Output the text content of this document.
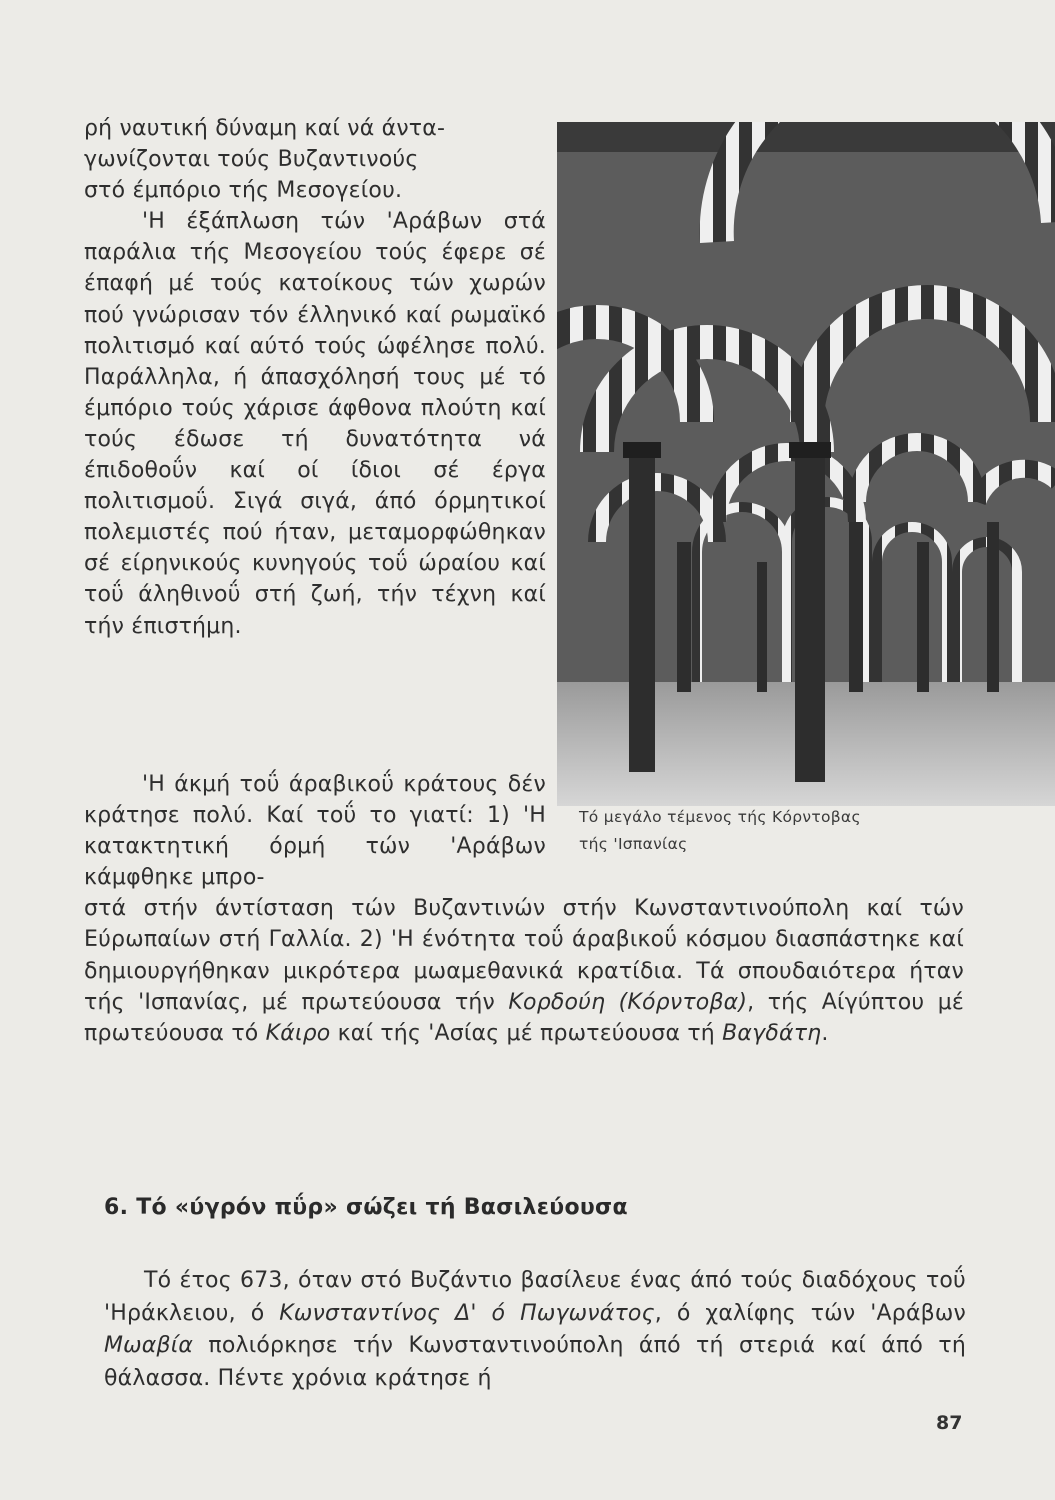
ρή ναυτική δύναμη καί νά άντα-

γωνίζονται τούς Βυζαντινούς

στό έμπόριο τής Μεσογείου.

'Η έξάπλωση τών 'Αράβων στά παράλια τής Μεσογείου τούς έφερε σέ έπαφή μέ τούς κατοίκους τών χωρών πού γνώρισαν τόν έλληνικό καί ρωμαϊκό πολιτισμό καί αύτό τούς ώφέλησε πολύ. Παράλληλα, ή άπασχόλησή τους μέ τό έμπόριο τούς χάρισε άφθονα πλούτη καί τούς έδωσε τή δυνατότητα νά έπιδοθοΰν καί οί ίδιοι σέ έργα πολιτισμοΰ. Σιγά σιγά, άπό όρμητικοί πολεμιστές πού ήταν, μεταμορφώθηκαν σέ είρηνικούς κυνηγούς τοΰ ώραίου καί τοΰ άληθινοΰ στή ζωή, τήν τέχνη καί τήν έπιστήμη.

Τό μεγάλο τέμενος τής Κόρντοβας

τής 'Ισπανίας

'Η άκμή τοΰ άραβικοΰ κράτους δέν κράτησε πολύ. Καί τοΰ το γιατί: 1) 'Η κατακτητική όρμή τών 'Αράβων κάμφθηκε μπρο-

στά στήν άντίσταση τών Βυζαντινών στήν Κωνσταντινούπολη καί τών Εύρωπαίων στή Γαλλία. 2) 'Η ένότητα τοΰ άραβικοΰ κόσμου διασπάστηκε καί δημιουργήθηκαν μικρότερα μωαμεθανικά κρατίδια. Τά σπουδαιότερα ήταν τής 'Ισπανίας, μέ πρωτεύουσα τήν Κορδούη (Κόρντοβα), τής Αίγύπτου μέ πρωτεύουσα τό Κάιρο καί τής 'Ασίας μέ πρωτεύουσα τή Βαγδάτη.

6. Τό «ύγρόν πΰρ» σώζει τή Βασιλεύουσα

Τό έτος 673, όταν στό Βυζάντιο βασίλευε ένας άπό τούς διαδόχους τοΰ 'Ηράκλειου, ό Κωνσταντίνος Δ' ό Πωγωνάτος, ό χαλίφης τών 'Αράβων Μωαβία πολιόρκησε τήν Κωνσταντινούπολη άπό τή στεριά καί άπό τή θάλασσα. Πέντε χρόνια κράτησε ή

87
